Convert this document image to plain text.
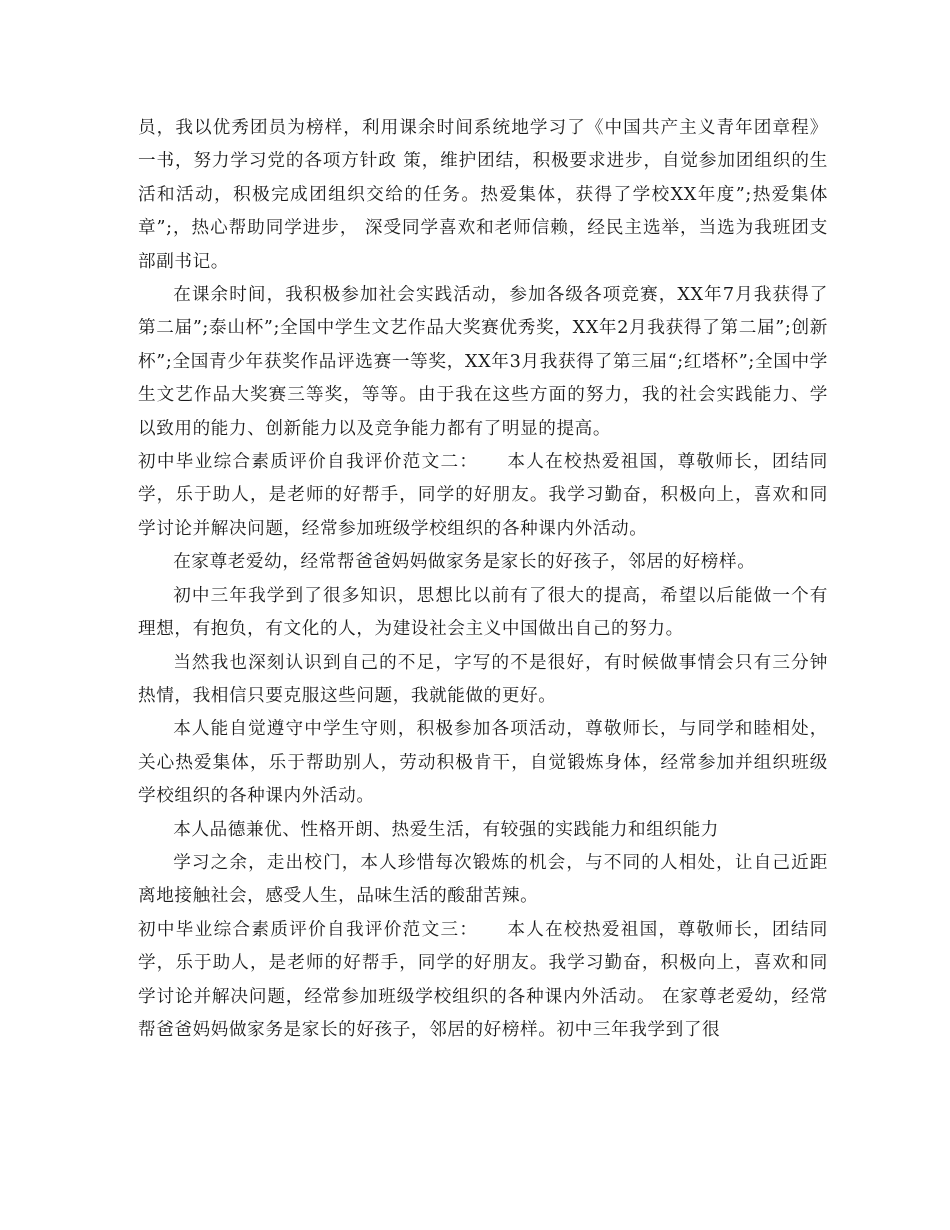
员，我以优秀团员为榜样，利用课余时间系统地学习了《中国共产主义青年团章程》一书，努力学习党的各项方针政 策，维护团结，积极要求进步，自觉参加团组织的生活和活动，积极完成团组织交给的任务。热爱集体，获得了学校XX年度”;热爱集体章”;，热心帮助同学进步， 深受同学喜欢和老师信赖，经民主选举，当选为我班团支部副书记。

在课余时间，我积极参加社会实践活动，参加各级各项竞赛，XX年7月我获得了第二届”;泰山杯”;全国中学生文艺作品大奖赛优秀奖，XX年2月我获得了第二届”;创新杯”;全国青少年获奖作品评选赛一等奖，XX年3月我获得了第三届“;红塔杯”;全国中学生文艺作品大奖赛三等奖，等等。由于我在这些方面的努力，我的社会实践能力、学以致用的能力、创新能力以及竞争能力都有了明显的提高。

初中毕业综合素质评价自我评价范文二：　　本人在校热爱祖国，尊敬师长，团结同学，乐于助人，是老师的好帮手，同学的好朋友。我学习勤奋，积极向上，喜欢和同学讨论并解决问题，经常参加班级学校组织的各种课内外活动。

在家尊老爱幼，经常帮爸爸妈妈做家务是家长的好孩子，邻居的好榜样。

初中三年我学到了很多知识，思想比以前有了很大的提高，希望以后能做一个有理想，有抱负，有文化的人，为建设社会主义中国做出自己的努力。

当然我也深刻认识到自己的不足，字写的不是很好，有时候做事情会只有三分钟热情，我相信只要克服这些问题，我就能做的更好。

本人能自觉遵守中学生守则，积极参加各项活动，尊敬师长，与同学和睦相处，关心热爱集体，乐于帮助别人，劳动积极肯干，自觉锻炼身体，经常参加并组织班级学校组织的各种课内外活动。

本人品德兼优、性格开朗、热爱生活，有较强的实践能力和组织能力

学习之余，走出校门，本人珍惜每次锻炼的机会，与不同的人相处，让自己近距离地接触社会，感受人生，品味生活的酸甜苦辣。

初中毕业综合素质评价自我评价范文三：　　本人在校热爱祖国，尊敬师长，团结同学，乐于助人，是老师的好帮手，同学的好朋友。我学习勤奋，积极向上，喜欢和同学讨论并解决问题，经常参加班级学校组织的各种课内外活动。 在家尊老爱幼，经常帮爸爸妈妈做家务是家长的好孩子，邻居的好榜样。初中三年我学到了很
